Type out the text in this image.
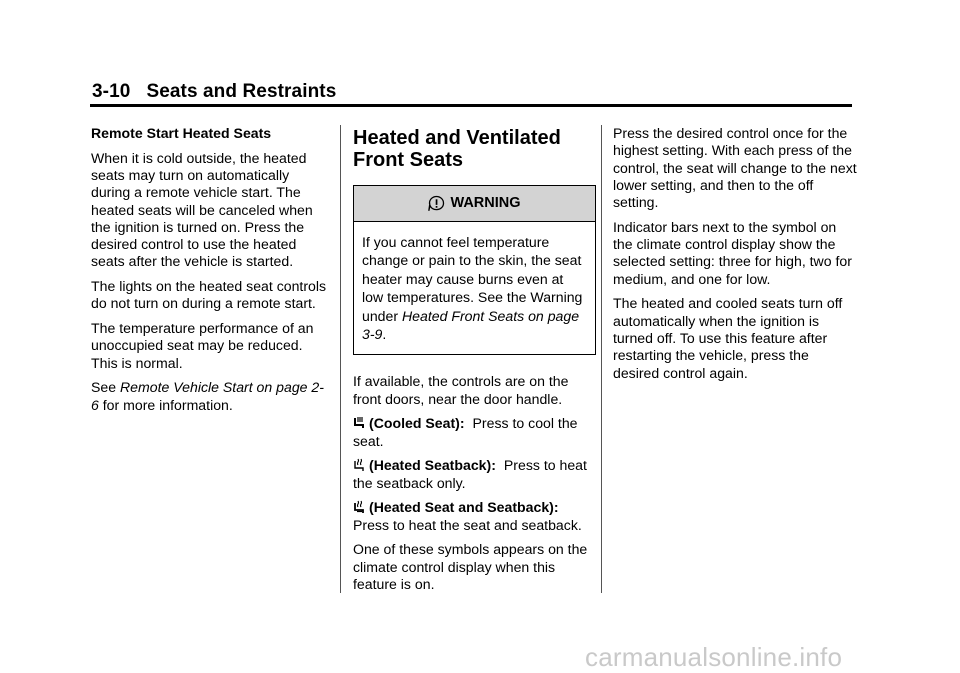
3-10 Seats and Restraints

Remote Start Heated Seats

When it is cold outside, the heated seats may turn on automatically during a remote vehicle start. The heated seats will be canceled when the ignition is turned on. Press the desired control to use the heated seats after the vehicle is started.

The lights on the heated seat controls do not turn on during a remote start.

The temperature performance of an unoccupied seat may be reduced. This is normal.

See Remote Vehicle Start on page 2-6 for more information.

Heated and Ventilated Front Seats
WARNING
If you cannot feel temperature change or pain to the skin, the seat heater may cause burns even at low temperatures. See the Warning under Heated Front Seats on page 3-9.

If available, the controls are on the front doors, near the door handle.

(Cooled Seat): Press to cool the seat.

(Heated Seatback): Press to heat the seatback only.

(Heated Seat and Seatback):
Press to heat the seat and seatback.

One of these symbols appears on the climate control display when this feature is on.

Press the desired control once for the highest setting. With each press of the control, the seat will change to the next lower setting, and then to the off setting.

Indicator bars next to the symbol on the climate control display show the selected setting: three for high, two for medium, and one for low.

The heated and cooled seats turn off automatically when the ignition is turned off. To use this feature after restarting the vehicle, press the desired control again.

carmanualsonline.info
